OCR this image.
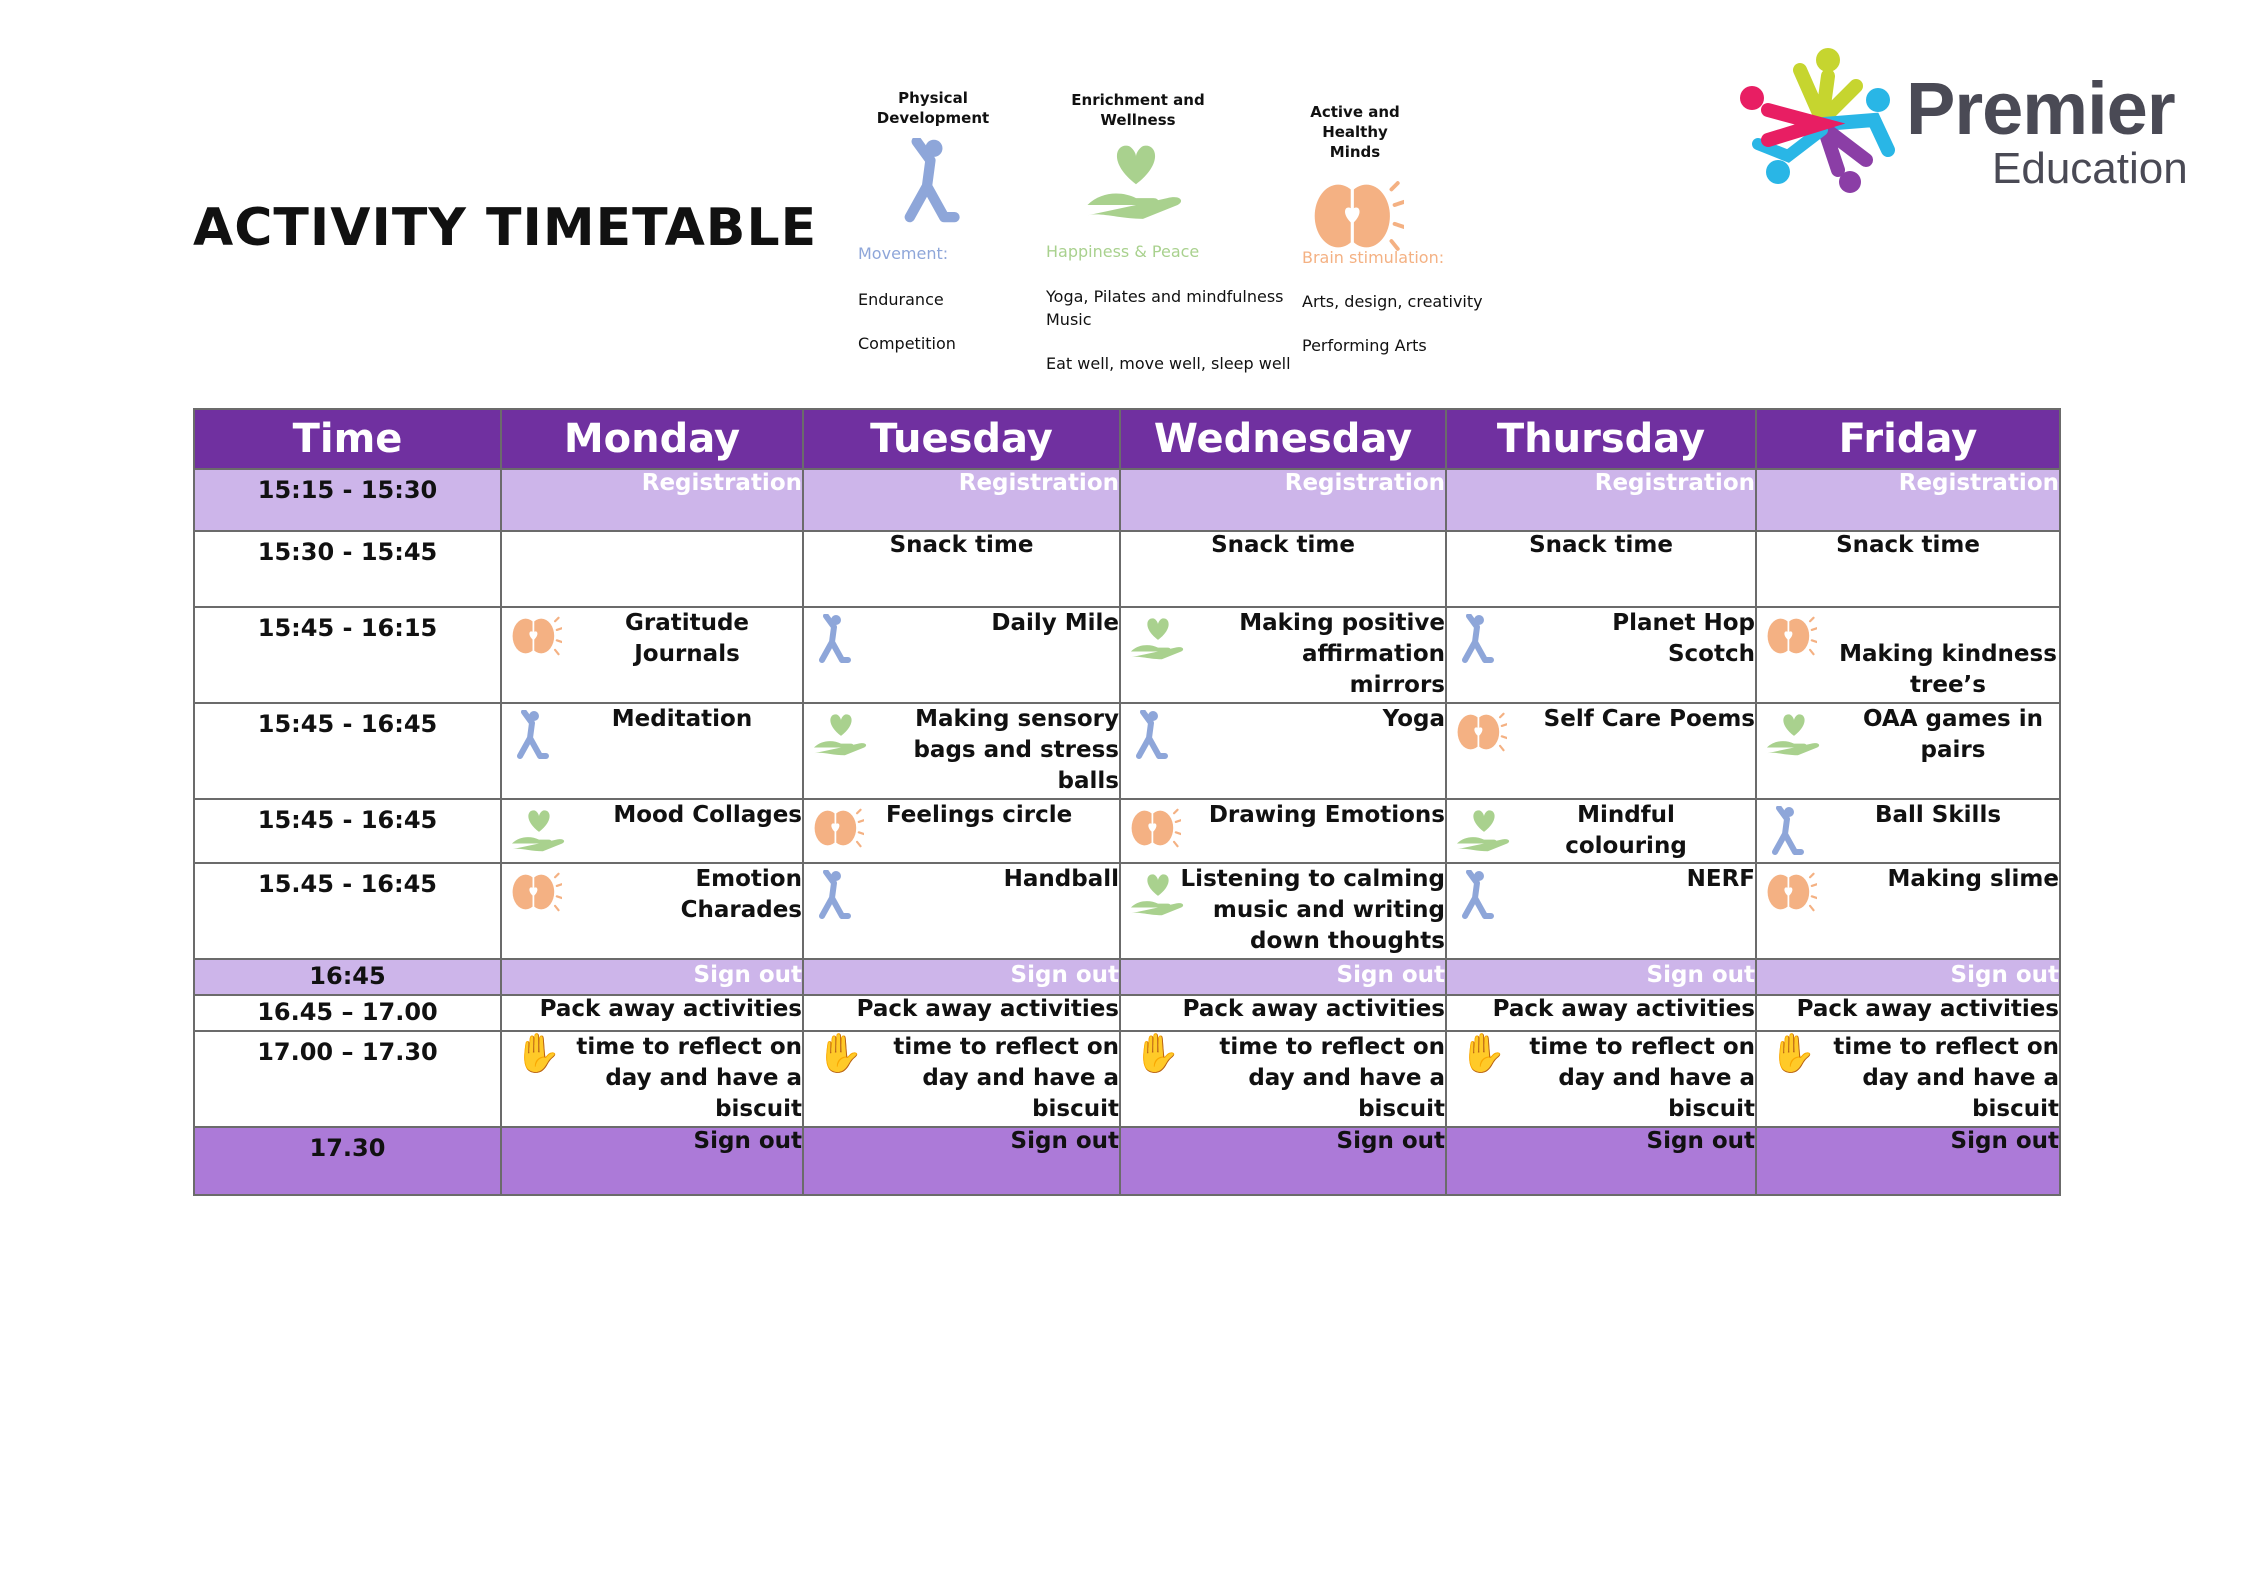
ACTIVITY TIMETABLE
Physical
Development
Movement:
Endurance
Competition
Enrichment and
Wellness
Happiness & Peace
Yoga, Pilates and mindfulness
Music
Eat well, move well, sleep well
Active and Healthy
Minds
Brain stimulation:
Arts, design, creativity
Performing Arts
Premier
Education
Time	Monday	Tuesday	Wednesday	Thursday	Friday
15:15 - 15:30	Registration	Registration	Registration	Registration	Registration
15:30 - 15:45		Snack time	Snack time	Snack time	Snack time
15:45 - 16:15	Gratitude Journals	Daily Mile	Making positive affirmation mirrors	Planet Hop Scotch	Making kindness tree’s

15:45 - 16:45	Meditation	Making sensory bags and stress balls	Yoga	Self Care Poems	OAA games in pairs

15:45 - 16:45	Mood Collages	Feelings circle	Drawing Emotions	Mindful colouring	Ball Skills

15.45 - 16:45	Emotion Charades	Handball	Listening to calming music and writing down thoughts	NERF	Making slime

16:45	Sign out	Sign out	Sign out	Sign out	Sign out
16.45 – 17.00	Pack away activities	Pack away activities	Pack away activities	Pack away activities	Pack away activities
17.00 – 17.30	✋ time to reflect on day and have a biscuit	✋ time to reflect on day and have a biscuit	✋ time to reflect on day and have a biscuit	✋ time to reflect on day and have a biscuit	✋ time to reflect on day and have a biscuit

17.30	Sign out	Sign out	Sign out	Sign out	Sign out
